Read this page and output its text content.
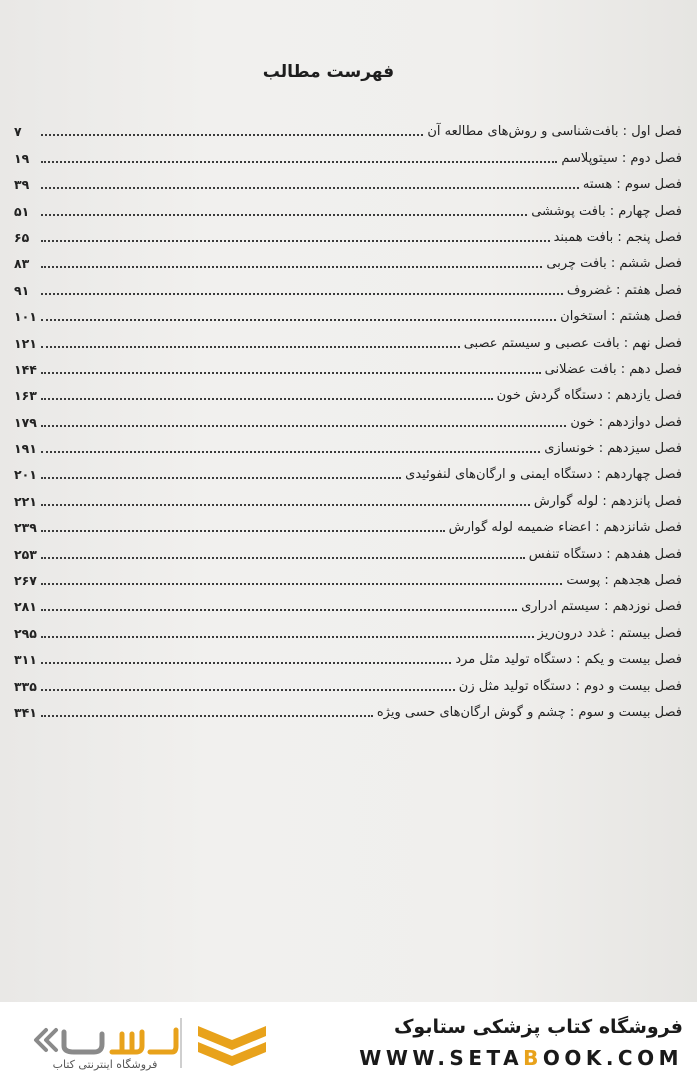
فهرست مطالب
فصل اول : بافت‌شناسی و روش‌های مطالعه آن
۷
فصل دوم : سیتوپلاسم
۱۹
فصل سوم : هسته
۳۹
فصل چهارم : بافت پوششی
۵۱
فصل پنجم : بافت همبند
۶۵
فصل ششم : بافت چربی
۸۳
فصل هفتم : غضروف
۹۱
فصل هشتم : استخوان
۱۰۱
فصل نهم : بافت عصبی و سیستم عصبی
۱۲۱
فصل دهم : بافت عضلانی
۱۴۴
فصل یازدهم : دستگاه گردش خون
۱۶۳
فصل دوازدهم : خون
۱۷۹
فصل سیزدهم : خونسازی
۱۹۱
فصل چهاردهم : دستگاه ایمنی و ارگان‌های لنفوئیدی
۲۰۱
فصل پانزدهم : لوله گوارش
۲۲۱
فصل شانزدهم : اعضاء ضمیمه لوله گوارش
۲۳۹
فصل هفدهم : دستگاه تنفس
۲۵۳
فصل هجدهم : پوست
۲۶۷
فصل نوزدهم : سیستم ادراری
۲۸۱
فصل بیستم : غدد درون‌ریز
۲۹۵
فصل بیست و یکم : دستگاه تولید مثل مرد
۳۱۱
فصل بیست و دوم : دستگاه تولید مثل زن
۳۳۵
فصل بیست و سوم : چشم و گوش ارگان‌های حسی ویژه
۳۴۱
فروشگاه کتاب پزشکی ستابوک
WWW.SETABOOK.COM
فروشگاه اینترنتی کتاب
